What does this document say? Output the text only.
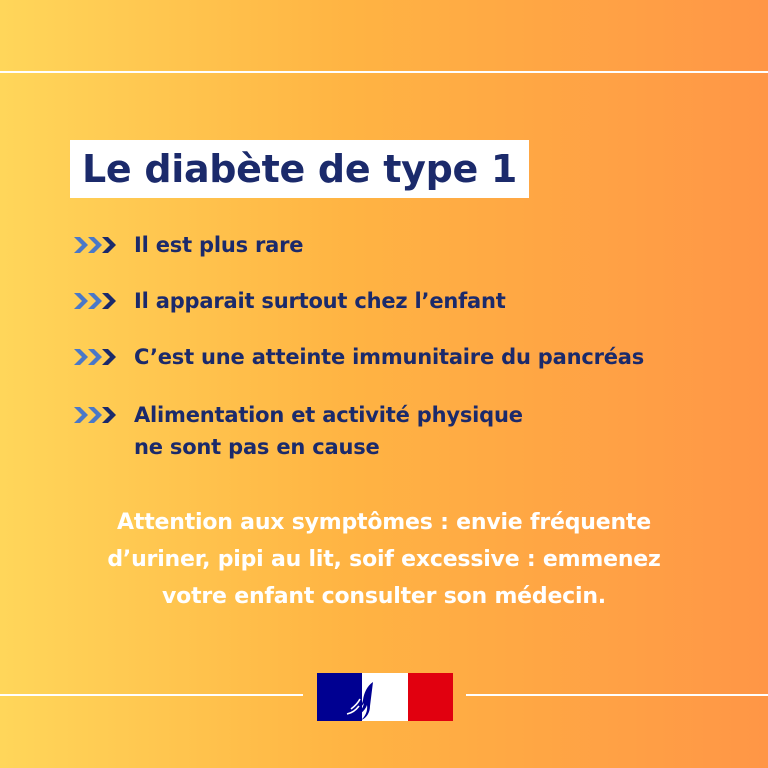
Le diabète de type 1
Il est plus rare
Il apparait surtout chez l’enfant
C’est une atteinte immunitaire du pancréas
Alimentation et activité physique
ne sont pas en cause
Attention aux symptômes : envie fréquente
d’uriner, pipi au lit, soif excessive : emmenez
votre enfant consulter son médecin.
